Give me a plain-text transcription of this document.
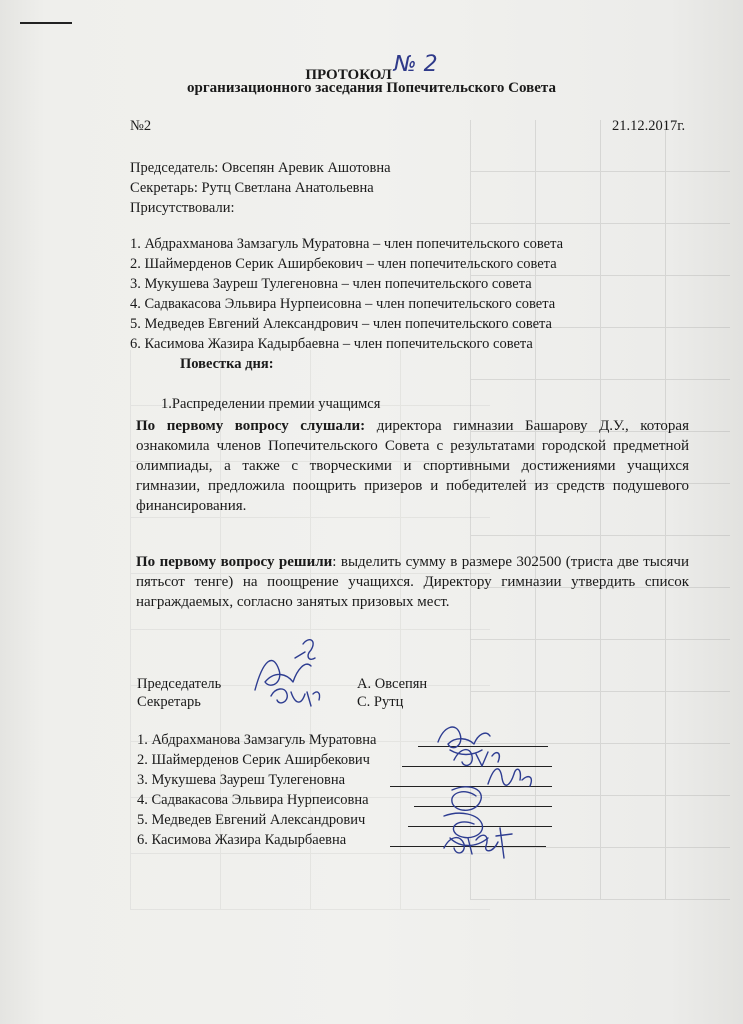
ПРОТОКОЛ№ 2
организационного заседания Попечительского Совета
№2	21.12.2017г.
Председатель: Овсепян Аревик Ашотовна
Секретарь: Рутц Светлана Анатольевна
Присутствовали:
1. Абдрахманова Замзагуль Муратовна – член попечительского совета
2. Шаймерденов Серик Аширбекович – член попечительского совета
3. Мукушева Зауреш Тулегеновна – член попечительского совета
4. Садвакасова Эльвира Нурпеисовна – член попечительского совета
5. Медведев Евгений Александрович – член попечительского совета
6. Касимова Жазира Кадырбаевна – член попечительского совета
Повестка дня:
1.Распределении премии учащимся
По первому вопросу слушали: директора гимназии Башарову Д.У., которая ознакомила членов Попечительского Совета с результатами городской предметной олимпиады, а также с творческими и спортивными достижениями учащихся гимназии, предложила поощрить призеров и победителей из средств подушевого финансирования.
По первому вопросу решили: выделить сумму в размере 302500 (триста две тысячи пятьсот тенге) на поощрение учащихся. Директору гимназии утвердить список награждаемых, согласно занятых призовых мест.
Председатель
Секретарь
А. Овсепян
С. Рутц
1. Абдрахманова Замзагуль Муратовна
2. Шаймерденов Серик Аширбекович
3. Мукушева Зауреш Тулегеновна
4. Садвакасова Эльвира Нурпеисовна
5. Медведев Евгений Александрович
6. Касимова Жазира Кадырбаевна
